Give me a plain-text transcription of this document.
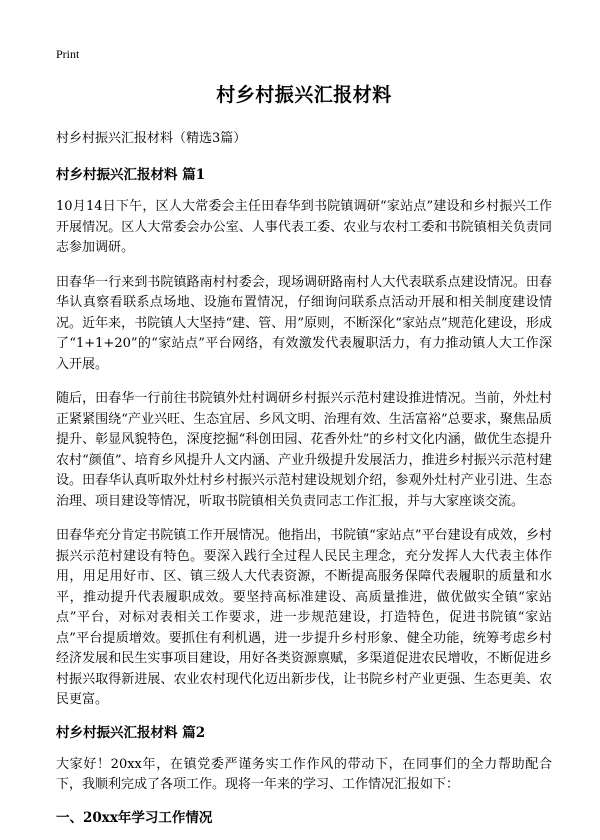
Print
村乡村振兴汇报材料
村乡村振兴汇报材料（精选3篇）
村乡村振兴汇报材料 篇1

10月14日下午，区人大常委会主任田春华到书院镇调研“家站点”建设和乡村振兴工作开展情况。区人大常委会办公室、人事代表工委、农业与农村工委和书院镇相关负责同志参加调研。

田春华一行来到书院镇路南村村委会，现场调研路南村人大代表联系点建设情况。田春华认真察看联系点场地、设施布置情况，仔细询问联系点活动开展和相关制度建设情况。近年来，书院镇人大坚持“建、管、用”原则，不断深化“家站点”规范化建设，形成了“1+1+20”的“家站点”平台网络，有效激发代表履职活力，有力推动镇人大工作深入开展。

随后，田春华一行前往书院镇外灶村调研乡村振兴示范村建设推进情况。当前，外灶村正紧紧围绕“产业兴旺、生态宜居、乡风文明、治理有效、生活富裕”总要求，聚焦品质提升、彰显风貌特色，深度挖掘“科创田园、花香外灶”的乡村文化内涵，做优生态提升农村“颜值”、培育乡风提升人文内涵、产业升级提升发展活力，推进乡村振兴示范村建设。田春华认真听取外灶村乡村振兴示范村建设规划介绍，参观外灶村产业引进、生态治理、项目建设等情况，听取书院镇相关负责同志工作汇报，并与大家座谈交流。

田春华充分肯定书院镇工作开展情况。他指出，书院镇“家站点”平台建设有成效，乡村振兴示范村建设有特色。要深入践行全过程人民民主理念，充分发挥人大代表主体作用，用足用好市、区、镇三级人大代表资源，不断提高服务保障代表履职的质量和水平，推动提升代表履职成效。要坚持高标准建设、高质量推进，做优做实全镇“家站点”平台，对标对表相关工作要求，进一步规范建设，打造特色，促进书院镇“家站点”平台提质增效。要抓住有利机遇，进一步提升乡村形象、健全功能，统筹考虑乡村经济发展和民生实事项目建设，用好各类资源禀赋，多渠道促进农民增收，不断促进乡村振兴取得新进展、农业农村现代化迈出新步伐，让书院乡村产业更强、生态更美、农民更富。

村乡村振兴汇报材料 篇2

大家好！20xx年，在镇党委严谨务实工作作风的带动下，在同事们的全力帮助配合下，我顺利完成了各项工作。现将一年来的学习、工作情况汇报如下：

一、20xx年学习工作情况
